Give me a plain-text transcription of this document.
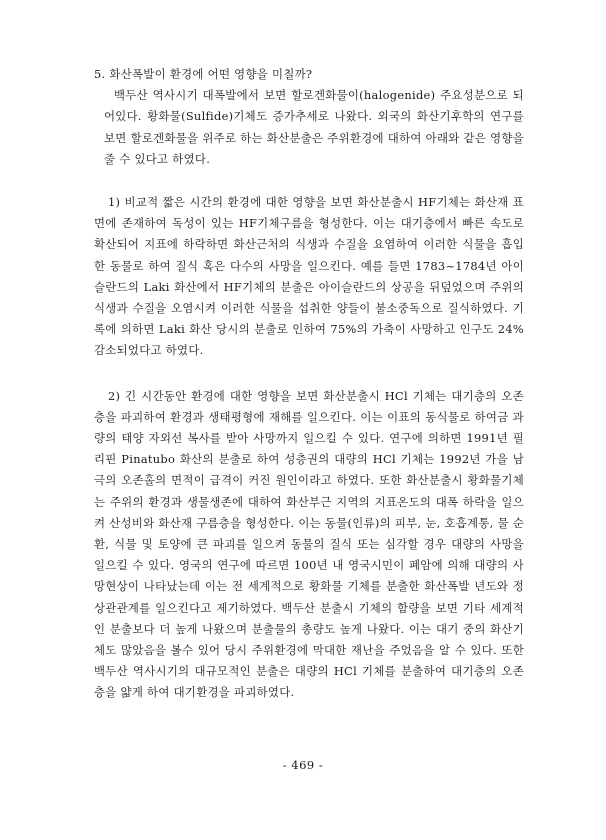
5. 화산폭발이 환경에 어떤 영향을 미칠까?

백두산 역사시기 대폭발에서 보면 할로겐화물이(halogenide) 주요성분으로 되어있다. 황화물(Sulfide)기체도 증가추세로 나왔다. 외국의 화산기후학의 연구를 보면 할로겐화물을 위주로 하는 화산분출은 주위환경에 대하여 아래와 같은 영향을 줄 수 있다고 하였다.

1) 비교적 짧은 시간의 환경에 대한 영향을 보면 화산분출시 HF기체는 화산재 표면에 존재하여 독성이 있는 HF기체구름을 형성한다. 이는 대기층에서 빠른 속도로 확산되어 지표에 하락하면 화산근처의 식생과 수질을 요염하여 이러한 식물을 흡입한 동물로 하여 질식 혹은 다수의 사망을 일으킨다. 예를 들면 1783~1784년 아이슬란드의 Laki 화산에서 HF기체의 분출은 아이슬란드의 상공을 뒤덮었으며 주위의 식생과 수질을 오염시켜 이러한 식물을 섭취한 양들이 불소중독으로 질식하였다. 기록에 의하면 Laki 화산 당시의 분출로 인하여 75%의 가축이 사망하고 인구도 24% 감소되었다고 하였다.

2) 긴 시간동안 환경에 대한 영향을 보면 화산분출시 HCl 기체는 대기층의 오존층을 파괴하여 환경과 생태평형에 재해를 일으킨다. 이는 이표의 동식물로 하여금 과량의 태양 자외선 복사를 받아 사망까지 일으킬 수 있다. 연구에 의하면 1991년 필리핀 Pinatubo 화산의 분출로 하여 성층권의 대량의 HCl 기체는 1992년 가을 남극의 오존홀의 면적이 급격이 커진 원인이라고 하였다. 또한 화산분출시 황화물기체는 주위의 환경과 생물생존에 대하여 화산부근 지역의 지표온도의 대폭 하락을 일으켜 산성비와 화산재 구름층을 형성한다. 이는 동물(인류)의 피부, 눈, 호흡계통, 물 순환, 식물 및 토양에 큰 파괴를 일으켜 동물의 질식 또는 심각할 경우 대량의 사망을 일으킬 수 있다. 영국의 연구에 따르면 100년 내 영국시민이 폐암에 의해 대량의 사망현상이 나타났는데 이는 전 세계적으로 황화물 기체를 분출한 화산폭발 년도와 정상관관계를 일으킨다고 제기하였다. 백두산 분출시 기체의 함량을 보면 기타 세계적인 분출보다 더 높게 나왔으며 분출물의 총량도 높게 나왔다. 이는 대기 중의 화산기체도 많았음을 볼수 있어 당시 주위환경에 막대한 재난을 주었음을 알 수 있다. 또한 백두산 역사시기의 대규모적인 분출은 대량의 HCl 기체를 분출하여 대기층의 오존층을 얇게 하여 대기환경을 파괴하였다.

- 469 -
